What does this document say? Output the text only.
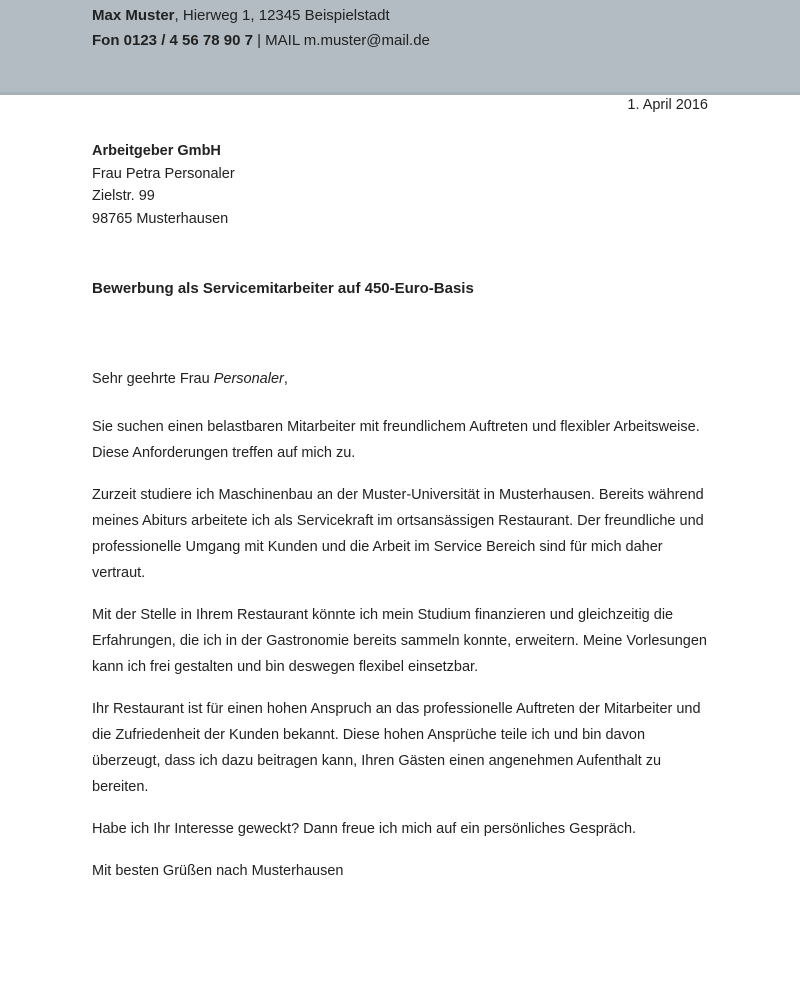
Max Muster, Hierweg 1, 12345 Beispielstadt
Fon 0123 / 4 56 78 90 7 | MAIL m.muster@mail.de
1. April 2016
Arbeitgeber GmbH
Frau Petra Personaler
Zielstr. 99
98765 Musterhausen
Bewerbung als Servicemitarbeiter auf 450-Euro-Basis

Sehr geehrte Frau Personaler,

Sie suchen einen belastbaren Mitarbeiter mit freundlichem Auftreten und flexibler Arbeitsweise. Diese Anforderungen treffen auf mich zu.

Zurzeit studiere ich Maschinenbau an der Muster-Universität in Musterhausen. Bereits während meines Abiturs arbeitete ich als Servicekraft im ortsansässigen Restaurant. Der freundliche und professionelle Umgang mit Kunden und die Arbeit im Service Bereich sind für mich daher vertraut.

Mit der Stelle in Ihrem Restaurant könnte ich mein Studium finanzieren und gleichzeitig die Erfahrungen, die ich in der Gastronomie bereits sammeln konnte, erweitern. Meine Vorlesungen kann ich frei gestalten und bin deswegen flexibel einsetzbar.

Ihr Restaurant ist für einen hohen Anspruch an das professionelle Auftreten der Mitarbeiter und die Zufriedenheit der Kunden bekannt. Diese hohen Ansprüche teile ich und bin davon überzeugt, dass ich dazu beitragen kann, Ihren Gästen einen angenehmen Aufenthalt zu bereiten.

Habe ich Ihr Interesse geweckt? Dann freue ich mich auf ein persönliches Gespräch.

Mit besten Grüßen nach Musterhausen
